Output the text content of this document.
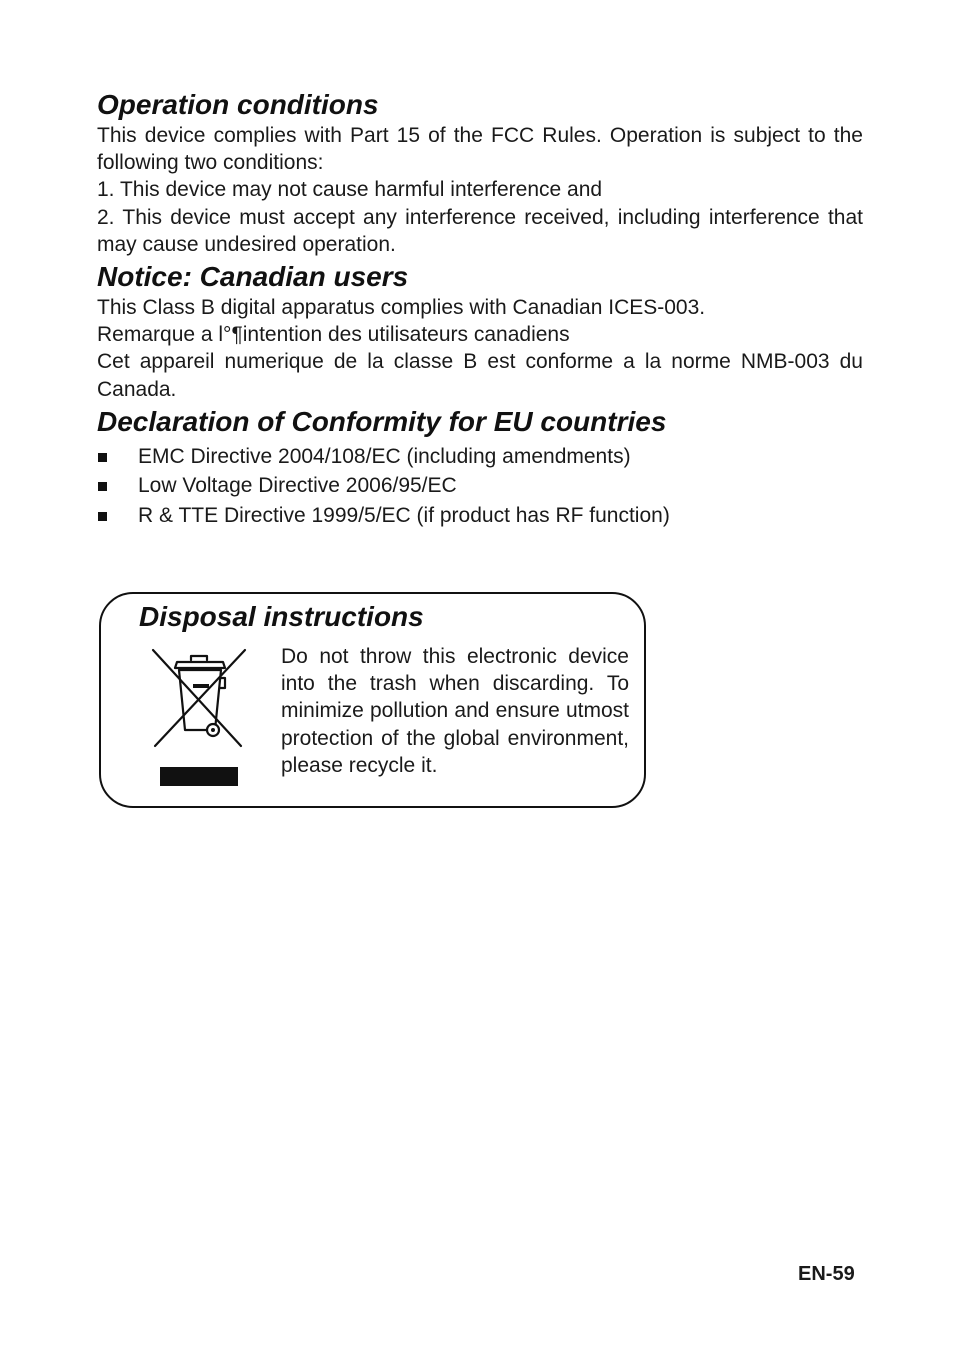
Operation conditions

This device complies with Part 15 of the FCC Rules. Operation is subject to the following two conditions:

1. This device may not cause harmful interference and

2. This device must accept any interference received, including interference that may cause undesired operation.

Notice: Canadian users

This Class B digital apparatus complies with Canadian ICES-003.

Remarque a l°¶intention des utilisateurs canadiens

Cet appareil numerique de la classe B est conforme a la norme NMB-003 du Canada.

Declaration of Conformity for EU countries
EMC Directive 2004/108/EC (including amendments)
Low Voltage Directive 2006/95/EC
R & TTE Directive 1999/5/EC (if product has RF function)
Disposal instructions
Do not throw this electronic device into the trash when discarding. To minimize pollution and ensure utmost protection of the global environment, please recycle it.
EN-59
